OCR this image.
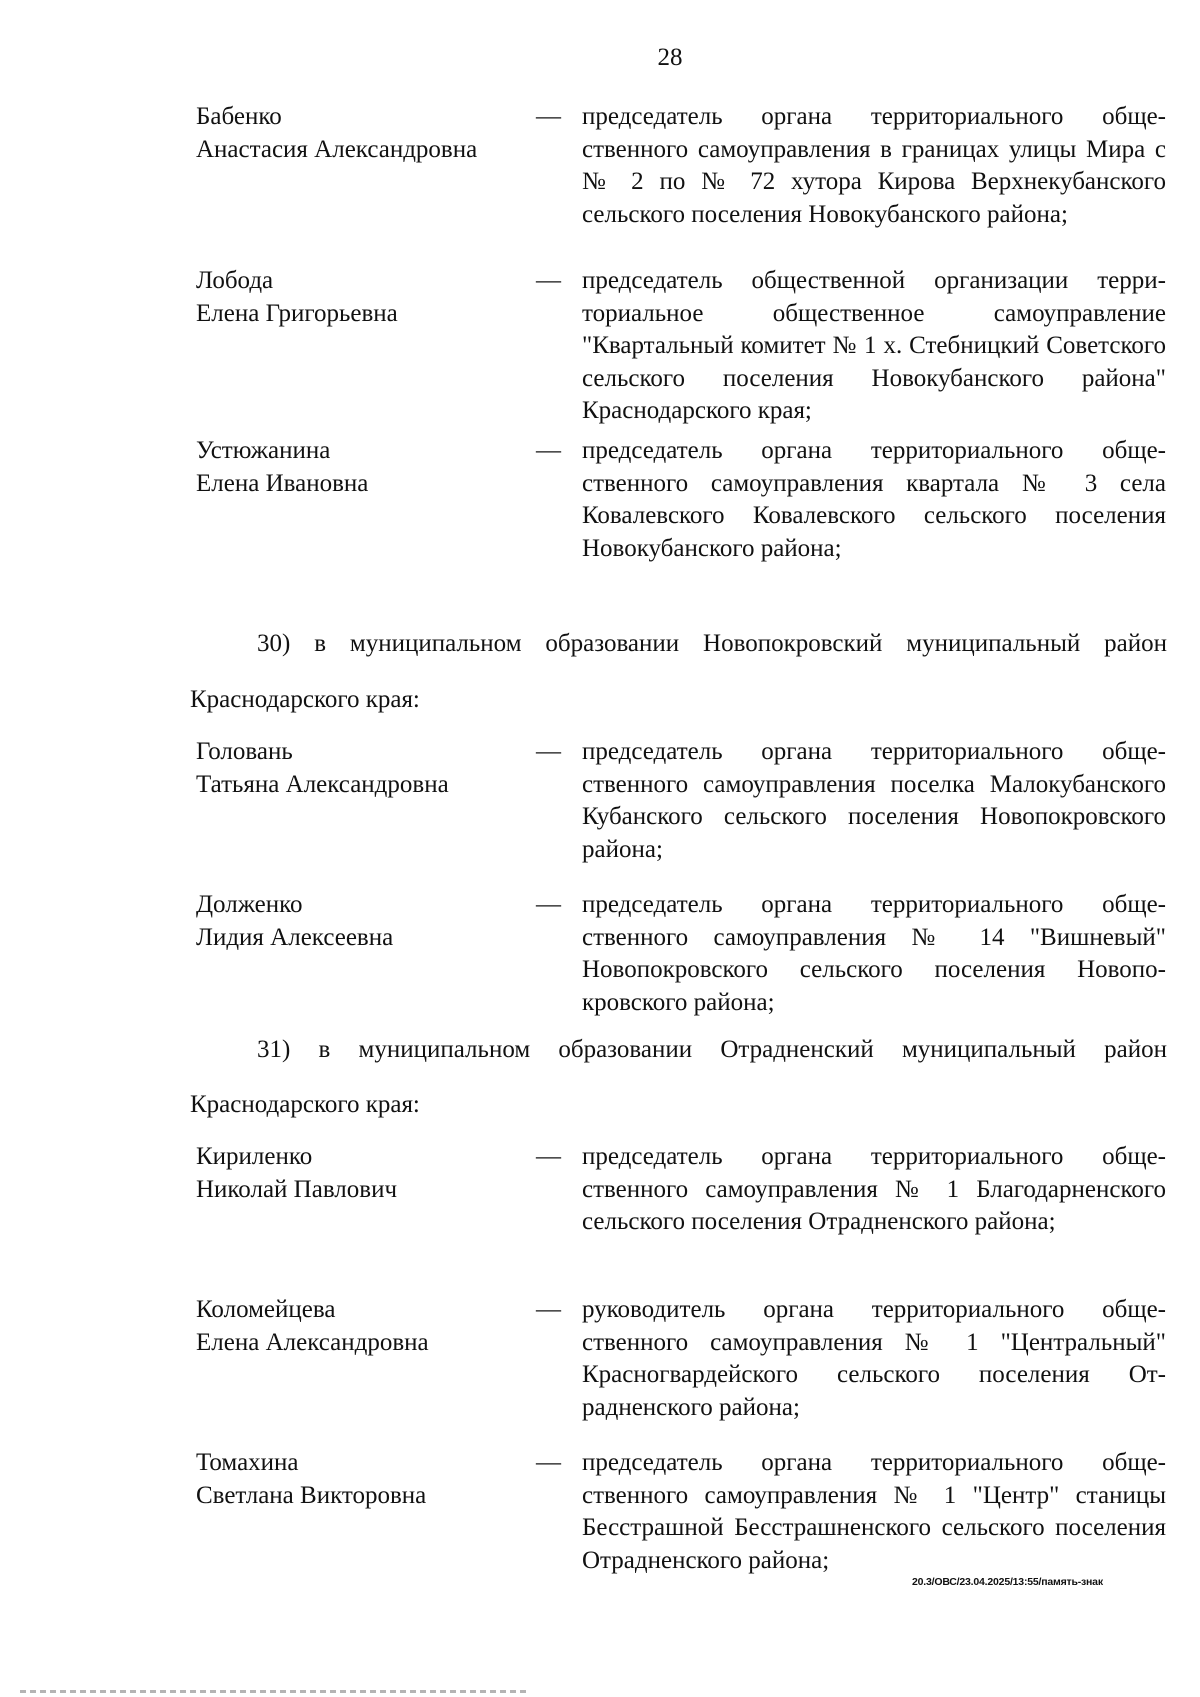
28
Бабенко
Анастасия Александровна
— председатель органа территориального общественного самоуправления в границах улицы Мира с № 2 по № 72 хутора Кирова Верхнекубанского сельского поселения Новокубанского района;
Лобода
Елена Григорьевна
— председатель общественной организации территориальное общественное самоуправление "Квартальный комитет № 1 х. Стебницкий Советского сельского поселения Новокубанского района" Краснодарского края;
Устюжанина
Елена Ивановна
— председатель органа территориального общественного самоуправления квартала № 3 села Ковалевского Ковалевского сельского поселения Новокубанского района;
30) в муниципальном образовании Новопокровский муниципальный район
Краснодарского края:
Головань
Татьяна Александровна
— председатель органа территориального общественного самоуправления поселка Малокубанского Кубанского сельского поселения Новопокровского района;
Долженко
Лидия Алексеевна
— председатель органа территориального общественного самоуправления № 14 "Вишневый" Новопокровского сельского поселения Новопокровского района;
31) в муниципальном образовании Отрадненский муниципальный район
Краснодарского края:
Кириленко
Николай Павлович
— председатель органа территориального общественного самоуправления № 1 Благодарненского сельского поселения Отрадненского района;
Коломейцева
Елена Александровна
— руководитель органа территориального общественного самоуправления № 1 "Центральный" Красногвардейского сельского поселения Отрадненского района;
Томахина
Светлана Викторовна
— председатель органа территориального общественного самоуправления № 1 "Центр" станицы Бесстрашной Бесстрашненского сельского поселения Отрадненского района;
20.3/ОВС/23.04.2025/13:55/память-знак
